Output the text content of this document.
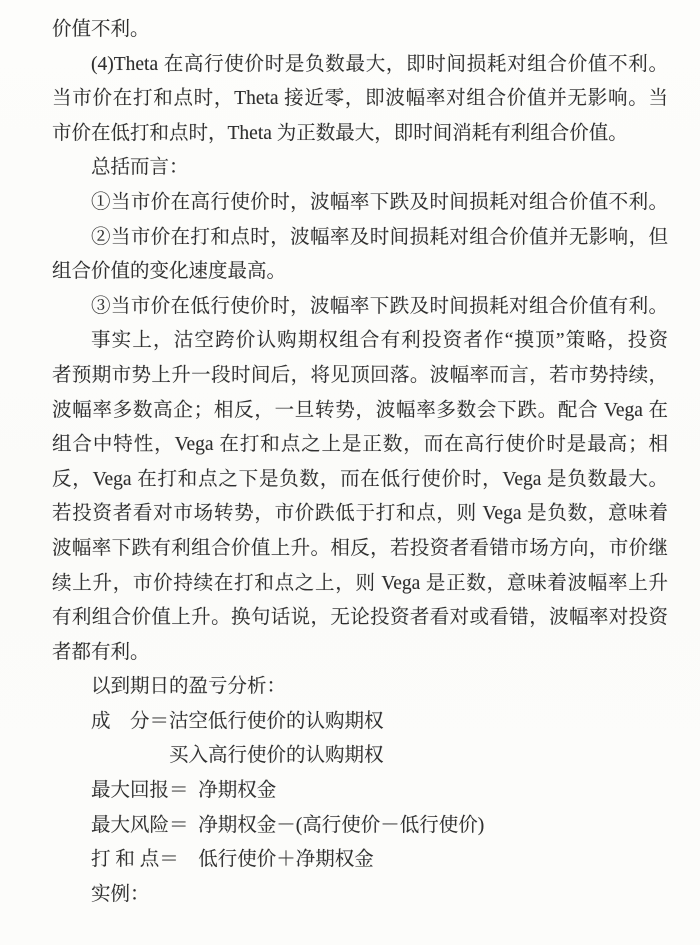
价值不利。
(4)Theta 在高行使价时是负数最大，即时间损耗对组合价值不利。
当市价在打和点时，Theta 接近零，即波幅率对组合价值并无影响。当
市价在低打和点时，Theta 为正数最大，即时间消耗有利组合价值。
总括而言：
①当市价在高行使价时，波幅率下跌及时间损耗对组合价值不利。
②当市价在打和点时，波幅率及时间损耗对组合价值并无影响，但
组合价值的变化速度最高。
③当市价在低行使价时，波幅率下跌及时间损耗对组合价值有利。
事实上，沽空跨价认购期权组合有利投资者作“摸顶”策略，投资
者预期市势上升一段时间后，将见顶回落。波幅率而言，若市势持续，
波幅率多数高企；相反，一旦转势，波幅率多数会下跌。配合 Vega 在
组合中特性，Vega 在打和点之上是正数，而在高行使价时是最高；相
反，Vega 在打和点之下是负数，而在低行使价时，Vega 是负数最大。
若投资者看对市场转势，市价跌低于打和点，则 Vega 是负数，意味着
波幅率下跌有利组合价值上升。相反，若投资者看错市场方向，市价继
续上升，市价持续在打和点之上，则 Vega 是正数，意味着波幅率上升
有利组合价值上升。换句话说，无论投资者看对或看错，波幅率对投资
者都有利。
以到期日的盈亏分析：
成　分＝沽空低行使价的认购期权
买入高行使价的认购期权
最大回报＝ 净期权金
最大风险＝ 净期权金－(高行使价－低行使价)
打 和 点＝ 低行使价＋净期权金
实例：
